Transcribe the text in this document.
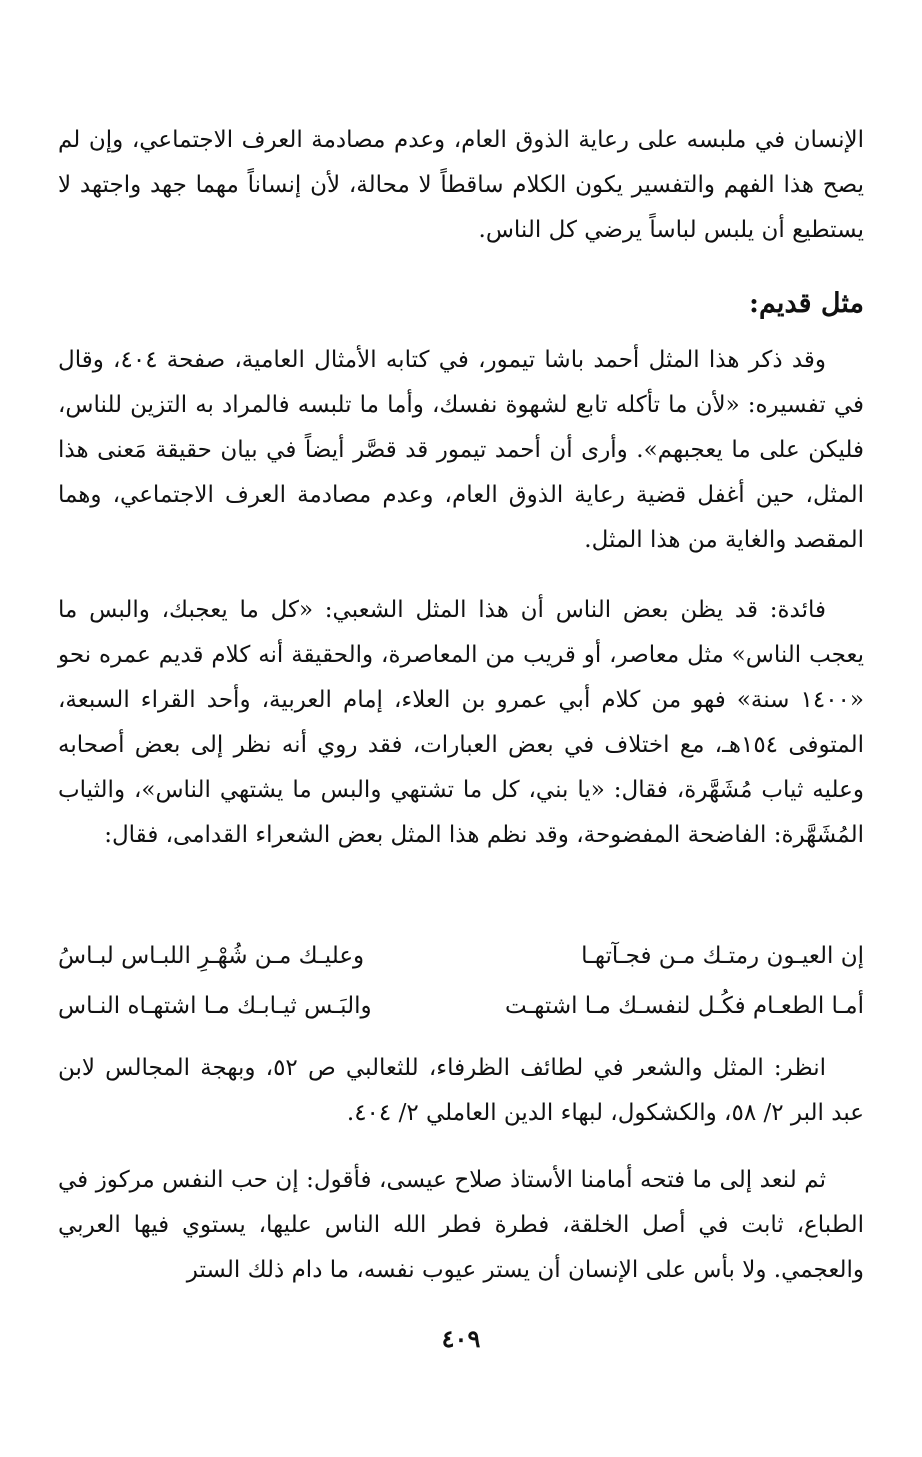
الإنسان في ملبسه على رعاية الذوق العام، وعدم مصادمة العرف الاجتماعي، وإن لم يصح هذا الفهم والتفسير يكون الكلام ساقطاً لا محالة، لأن إنساناً مهما جهد واجتهد لا يستطيع أن يلبس لباساً يرضي كل الناس.

مثل قديم:

وقد ذكر هذا المثل أحمد باشا تيمور، في كتابه الأمثال العامية، صفحة ٤٠٤، وقال في تفسيره: «لأن ما تأكله تابع لشهوة نفسك، وأما ما تلبسه فالمراد به التزين للناس، فليكن على ما يعجبهم». وأرى أن أحمد تيمور قد قصَّر أيضاً في بيان حقيقة مَعنى هذا المثل، حين أغفل قضية رعاية الذوق العام، وعدم مصادمة العرف الاجتماعي، وهما المقصد والغاية من هذا المثل.

فائدة: قد يظن بعض الناس أن هذا المثل الشعبي: «كل ما يعجبك، والبس ما يعجب الناس» مثل معاصر، أو قريب من المعاصرة، والحقيقة أنه كلام قديم عمره نحو «١٤٠٠ سنة» فهو من كلام أبي عمرو بن العلاء، إمام العربية، وأحد القراء السبعة، المتوفى ١٥٤هـ، مع اختلاف في بعض العبارات، فقد روي أنه نظر إلى بعض أصحابه وعليه ثياب مُشَهَّرة، فقال: «يا بني، كل ما تشتهي والبس ما يشتهي الناس»، والثياب المُشَهَّرة: الفاضحة المفضوحة، وقد نظم هذا المثل بعض الشعراء القدامى، فقال:

إن العيـون رمتـك مـن فجـآتهـا
وعليـك مـن شُهْـرِ اللبـاس لبـاسُ
أمـا الطعـام فكُـل لنفسـك مـا اشتهـت
والبَـس ثيـابـك مـا اشتهـاه النـاس

انظر: المثل والشعر في لطائف الظرفاء، للثعالبي ص ٥٢، وبهجة المجالس لابن عبد البر ٢/ ٥٨، والكشكول، لبهاء الدين العاملي ٢/ ٤٠٤.

ثم لنعد إلى ما فتحه أمامنا الأستاذ صلاح عيسى، فأقول: إن حب النفس مركوز في الطباع، ثابت في أصل الخلقة، فطرة فطر الله الناس عليها، يستوي فيها العربي والعجمي. ولا بأس على الإنسان أن يستر عيوب نفسه، ما دام ذلك الستر

٤٠٩
